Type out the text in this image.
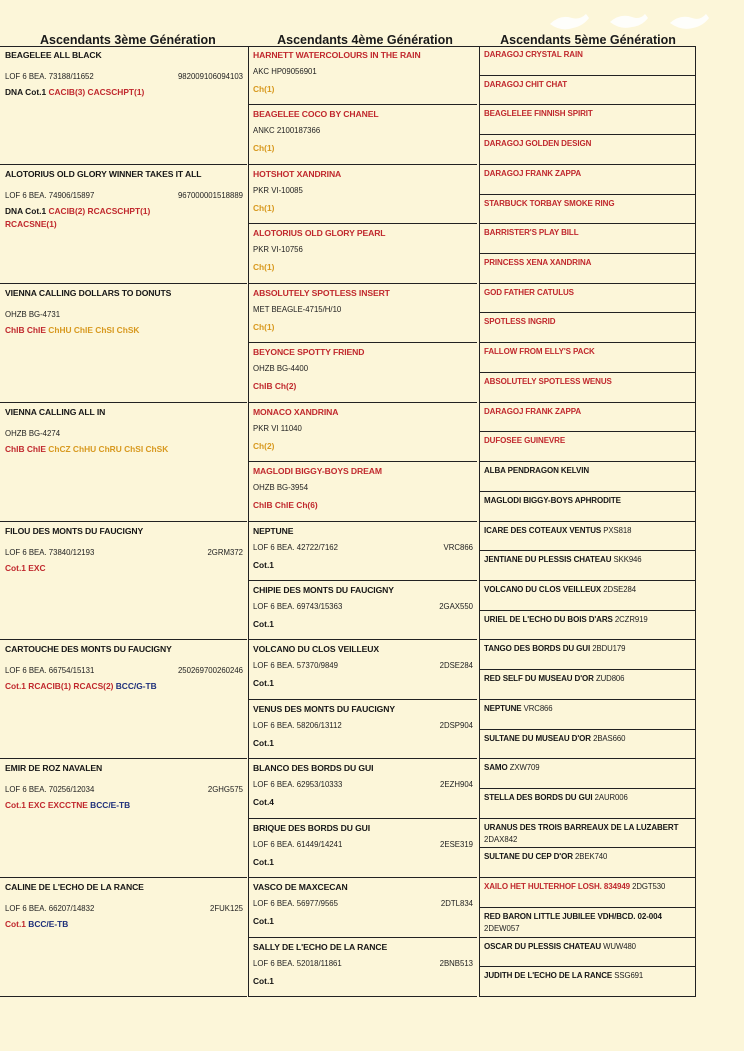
Ascendants 3ème Génération	Ascendants 4ème Génération	Ascendants 5ème Génération
BEAGELEE ALL BLACK
LOF 6 BEA. 73188/11652	982009106094103
DNA Cot.1 CACIB(3) CACSCHPT(1)
ALOTORIUS OLD GLORY WINNER TAKES IT ALL
LOF 6 BEA. 74906/15897	967000001518889
DNA Cot.1 CACIB(2) RCACSCHPT(1)
RCACSNE(1)
VIENNA CALLING DOLLARS TO DONUTS
OHZB BG-4731
ChIB ChIE ChHU ChIE ChSI ChSK
VIENNA CALLING ALL IN
OHZB BG-4274
ChIB ChIE ChCZ ChHU ChRU ChSI ChSK
FILOU DES MONTS DU FAUCIGNY
LOF 6 BEA. 73840/12193	2GRM372
Cot.1 EXC
CARTOUCHE DES MONTS DU FAUCIGNY
LOF 6 BEA. 66754/15131	250269700260246
Cot.1 RCACIB(1) RCACS(2) BCC/G-TB
EMIR DE ROZ NAVALEN
LOF 6 BEA. 70256/12034	2GHG575
Cot.1 EXC EXCCTNE BCC/E-TB
CALINE DE L'ECHO DE LA RANCE
LOF 6 BEA. 66207/14832	2FUK125
Cot.1 BCC/E-TB
HARNETT WATERCOLOURS IN THE RAIN
AKC HP09056901
Ch(1)
BEAGELEE COCO BY CHANEL
ANKC 2100187366
Ch(1)
HOTSHOT XANDRINA
PKR VI-10085
Ch(1)
ALOTORIUS OLD GLORY PEARL
PKR VI-10756
Ch(1)
ABSOLUTELY SPOTLESS INSERT
MET BEAGLE-4715/H/10
Ch(1)
BEYONCE SPOTTY FRIEND
OHZB BG-4400
ChIB Ch(2)
MONACO XANDRINA
PKR VI 11040
Ch(2)
MAGLODI BIGGY-BOYS DREAM
OHZB BG-3954
ChIB ChIE Ch(6)
NEPTUNE
LOF 6 BEA. 42722/7162	VRC866
Cot.1
CHIPIE DES MONTS DU FAUCIGNY
LOF 6 BEA. 69743/15363	2GAX550
Cot.1
VOLCANO DU CLOS VEILLEUX
LOF 6 BEA. 57370/9849	2DSE284
Cot.1
VENUS DES MONTS DU FAUCIGNY
LOF 6 BEA. 58206/13112	2DSP904
Cot.1
BLANCO DES BORDS DU GUI
LOF 6 BEA. 62953/10333	2EZH904
Cot.4
BRIQUE DES BORDS DU GUI
LOF 6 BEA. 61449/14241	2ESE319
Cot.1
VASCO DE MAXCECAN
LOF 6 BEA. 56977/9565	2DTL834
Cot.1
SALLY DE L'ECHO DE LA RANCE
LOF 6 BEA. 52018/11861	2BNB513
Cot.1
DARAGOJ CRYSTAL RAIN
DARAGOJ CHIT CHAT
BEAGLELEE FINNISH SPIRIT
DARAGOJ GOLDEN DESIGN
DARAGOJ FRANK ZAPPA
STARBUCK TORBAY SMOKE RING
BARRISTER'S PLAY BILL
PRINCESS XENA XANDRINA
GOD FATHER CATULUS
SPOTLESS INGRID
FALLOW FROM ELLY'S PACK
ABSOLUTELY SPOTLESS WENUS
DARAGOJ FRANK ZAPPA
DUFOSEE GUINEVRE
ALBA PENDRAGON KELVIN
MAGLODI BIGGY-BOYS APHRODITE
ICARE DES COTEAUX VENTUS PXS818
JENTIANE DU PLESSIS CHATEAU SKK946
VOLCANO DU CLOS VEILLEUX 2DSE284
URIEL DE L'ECHO DU BOIS D'ARS 2CZR919
TANGO DES BORDS DU GUI 2BDU179
RED SELF DU MUSEAU D'OR ZUD806
NEPTUNE VRC866
SULTANE DU MUSEAU D'OR 2BAS660
SAMO ZXW709
STELLA DES BORDS DU GUI 2AUR006
URANUS DES TROIS BARREAUX DE LA LUZABERT
2DAX842
SULTANE DU CEP D'OR 2BEK740
XAILO HET HULTERHOF LOSH. 834949 2DGT530
RED BARON LITTLE JUBILEE VDH/BCD. 02-004
2DEW057
OSCAR DU PLESSIS CHATEAU WUW480
JUDITH DE L'ECHO DE LA RANCE SSG691
